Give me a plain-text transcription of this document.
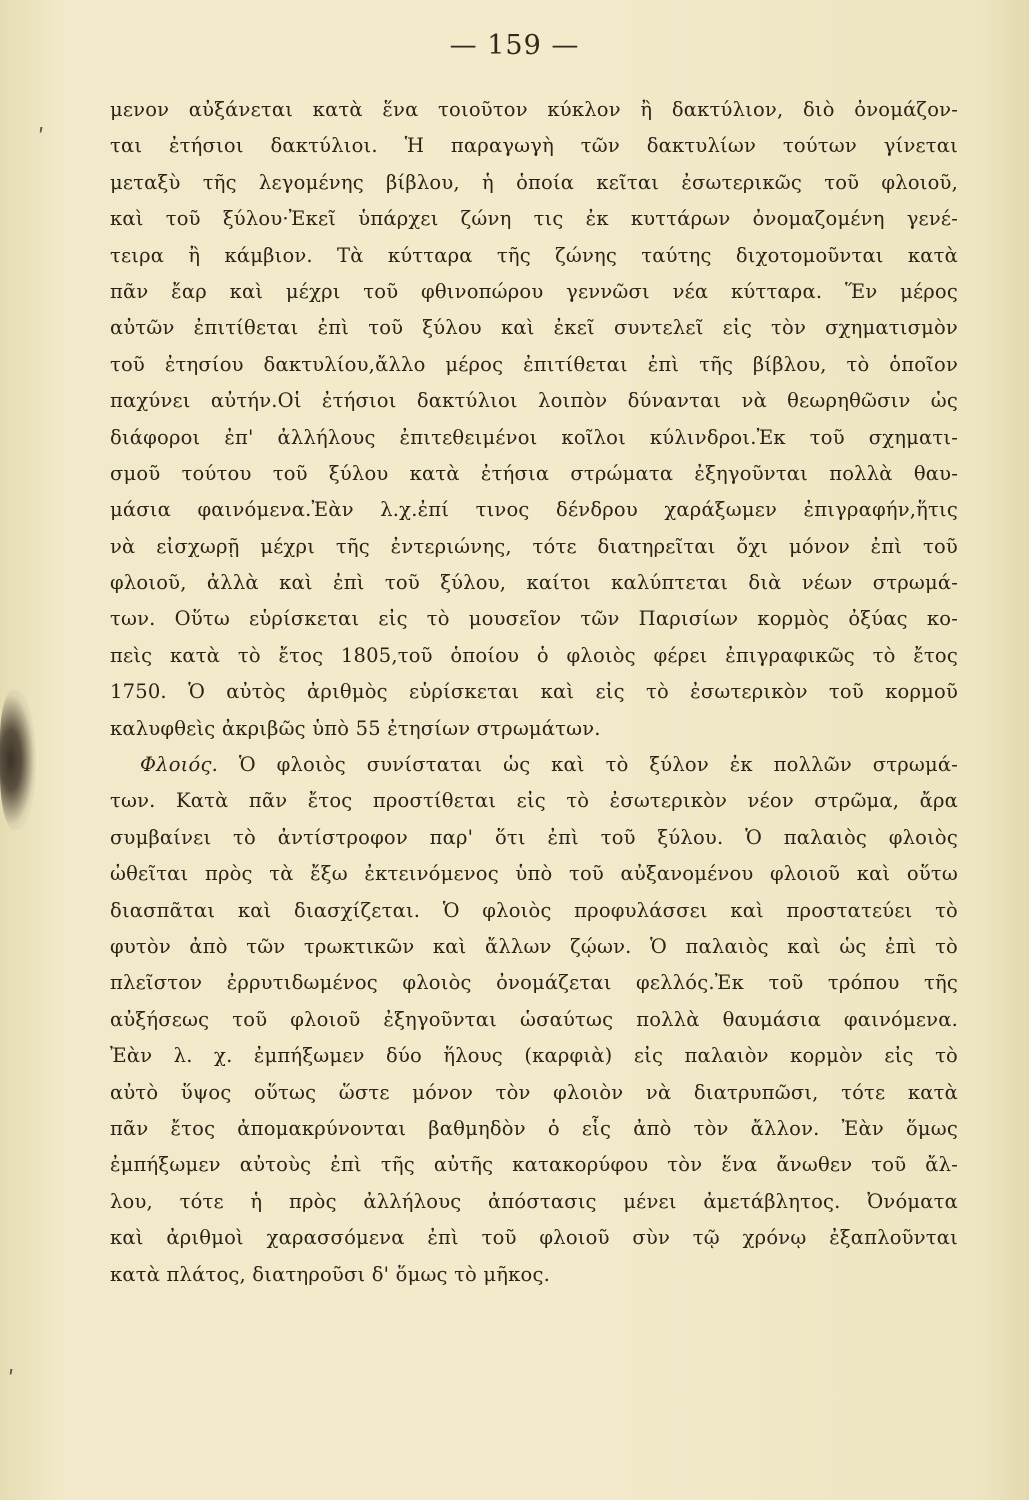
ʹ
ʹ
— 159 —
μενον αὐξάνεται κατὰ ἕνα τοιοῦτον κύκλον ἢ δακτύλιον, διὸ ὀνομάζον-
ται ἐτήσιοι δακτύλιοι. Ἡ παραγωγὴ τῶν δακτυλίων τούτων γίνεται
μεταξὺ τῆς λεγομένης βίβλου, ἡ ὁποία κεῖται ἐσωτερικῶς τοῦ φλοιοῦ,
καὶ τοῦ ξύλου·Ἐκεῖ ὑπάρχει ζώνη τις ἐκ κυττάρων ὀνομαζομένη γενέ-
τειρα ἢ κάμβιον. Τὰ κύτταρα τῆς ζώνης ταύτης διχοτομοῦνται κατὰ
πᾶν ἔαρ καὶ μέχρι τοῦ φθινοπώρου γεννῶσι νέα κύτταρα. Ἕν μέρος
αὐτῶν ἐπιτίθεται ἐπὶ τοῦ ξύλου καὶ ἐκεῖ συντελεῖ εἰς τὸν σχηματισμὸν
τοῦ ἐτησίου δακτυλίου,ἄλλο μέρος ἐπιτίθεται ἐπὶ τῆς βίβλου, τὸ ὁποῖον
παχύνει αὐτήν.Οἱ ἐτήσιοι δακτύλιοι λοιπὸν δύνανται νὰ θεωρηθῶσιν ὡς
διάφοροι ἐπ' ἀλλήλους ἐπιτεθειμένοι κοῖλοι κύλινδροι.Ἐκ τοῦ σχηματι-
σμοῦ τούτου τοῦ ξύλου κατὰ ἐτήσια στρώματα ἐξηγοῦνται πολλὰ θαυ-
μάσια φαινόμενα.Ἐὰν λ.χ.ἐπί τινος δένδρου χαράξωμεν ἐπιγραφήν,ἥτις
νὰ εἰσχωρῇ μέχρι τῆς ἐντεριώνης, τότε διατηρεῖται ὄχι μόνον ἐπὶ τοῦ
φλοιοῦ, ἀλλὰ καὶ ἐπὶ τοῦ ξύλου, καίτοι καλύπτεται διὰ νέων στρωμά-
των. Οὕτω εὑρίσκεται εἰς τὸ μουσεῖον τῶν Παρισίων κορμὸς ὀξύας κο-
πεὶς κατὰ τὸ ἔτος 1805,τοῦ ὁποίου ὁ φλοιὸς φέρει ἐπιγραφικῶς τὸ ἔτος
1750. Ὁ αὐτὸς ἀριθμὸς εὑρίσκεται καὶ εἰς τὸ ἐσωτερικὸν τοῦ κορμοῦ
καλυφθεὶς ἀκριβῶς ὑπὸ 55 ἐτησίων στρωμάτων.
Φλοιός. Ὁ φλοιὸς συνίσταται ὡς καὶ τὸ ξύλον ἐκ πολλῶν στρωμά-
των. Κατὰ πᾶν ἔτος προστίθεται εἰς τὸ ἐσωτερικὸν νέον στρῶμα, ἄρα
συμβαίνει τὸ ἀντίστροφον παρ' ὅτι ἐπὶ τοῦ ξύλου. Ὁ παλαιὸς φλοιὸς
ὠθεῖται πρὸς τὰ ἔξω ἐκτεινόμενος ὑπὸ τοῦ αὐξανομένου φλοιοῦ καὶ οὕτω
διασπᾶται καὶ διασχίζεται. Ὁ φλοιὸς προφυλάσσει καὶ προστατεύει τὸ
φυτὸν ἀπὸ τῶν τρωκτικῶν καὶ ἄλλων ζῴων. Ὁ παλαιὸς καὶ ὡς ἐπὶ τὸ
πλεῖστον ἐρρυτιδωμένος φλοιὸς ὀνομάζεται φελλός.Ἐκ τοῦ τρόπου τῆς
αὐξήσεως τοῦ φλοιοῦ ἐξηγοῦνται ὡσαύτως πολλὰ θαυμάσια φαινόμενα.
Ἐὰν λ. χ. ἐμπήξωμεν δύο ἥλους (καρφιὰ) εἰς παλαιὸν κορμὸν εἰς τὸ
αὐτὸ ὕψος οὕτως ὥστε μόνον τὸν φλοιὸν νὰ διατρυπῶσι, τότε κατὰ
πᾶν ἔτος ἀπομακρύνονται βαθμηδὸν ὁ εἷς ἀπὸ τὸν ἄλλον. Ἐὰν ὅμως
ἐμπήξωμεν αὐτοὺς ἐπὶ τῆς αὐτῆς κατακορύφου τὸν ἕνα ἄνωθεν τοῦ ἄλ-
λου, τότε ἡ πρὸς ἀλλήλους ἀπόστασις μένει ἀμετάβλητος. Ὀνόματα
καὶ ἀριθμοὶ χαρασσόμενα ἐπὶ τοῦ φλοιοῦ σὺν τῷ χρόνῳ ἐξαπλοῦνται
κατὰ πλάτος, διατηροῦσι δ' ὅμως τὸ μῆκος.
